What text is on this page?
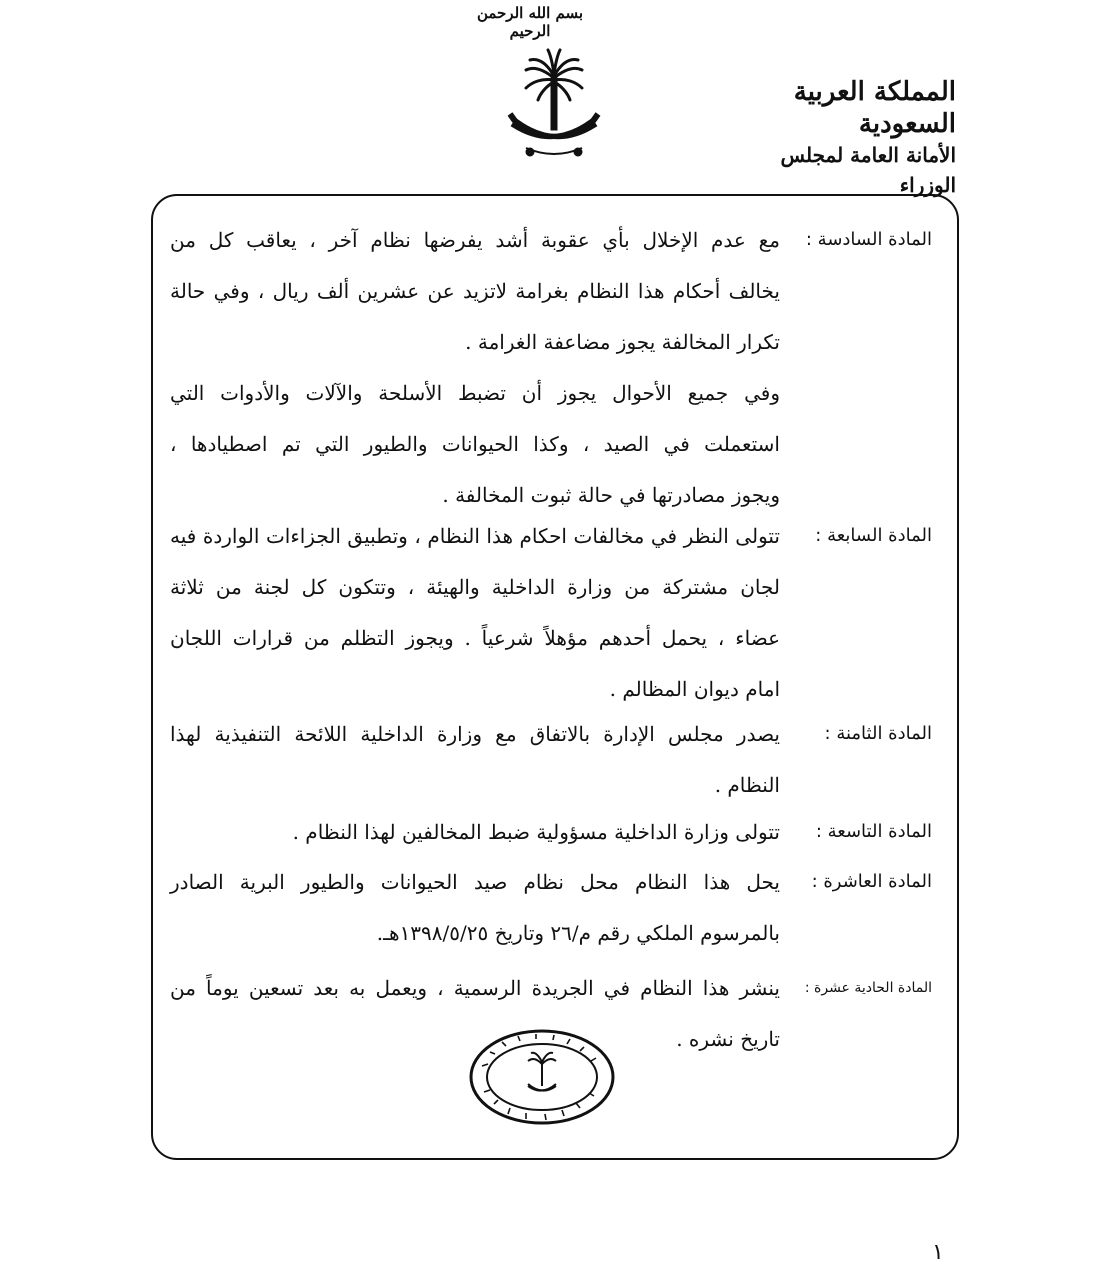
بسم الله الرحمن الرحيم
المملكة العربية السعودية
الأمانة العامة لمجلس الوزراء
المادة السادسة :
مع عدم الإخلال بأي عقوبة أشد يفرضها نظام آخر ، يعاقب كل من
يخالف أحكام هذا النظام بغرامة لاتزيد عن عشرين ألف ريال ، وفي حالة
تكرار المخالفة يجوز مضاعفة الغرامة .
وفي جميع الأحوال يجوز أن تضبط الأسلحة والآلات والأدوات التي
استعملت في الصيد ، وكذا الحيوانات والطيور التي تم اصطيادها ،
ويجوز مصادرتها في حالة ثبوت المخالفة .
المادة السابعة :
تتولى النظر في مخالفات احكام هذا النظام ، وتطبيق الجزاءات الواردة فيه
لجان مشتركة من وزارة الداخلية والهيئة ، وتتكون كل لجنة من ثلاثة
عضاء ، يحمل أحدهم مؤهلاً شرعياً . ويجوز التظلم من قرارات اللجان
امام ديوان المظالم .
المادة الثامنة :
يصدر مجلس الإدارة بالاتفاق مع وزارة الداخلية اللائحة التنفيذية لهذا
النظام .
المادة التاسعة :
تتولى وزارة الداخلية مسؤولية ضبط المخالفين لهذا النظام .
المادة العاشرة :
يحل هذا النظام محل نظام صيد الحيوانات والطيور البرية الصادر
بالمرسوم الملكي رقم م/٢٦ وتاريخ ١٣٩٨/٥/٢٥هـ.
المادة الحادية عشرة :
ينشر هذا النظام في الجريدة الرسمية ، ويعمل به بعد تسعين يوماً من
تاريخ نشره .
١
